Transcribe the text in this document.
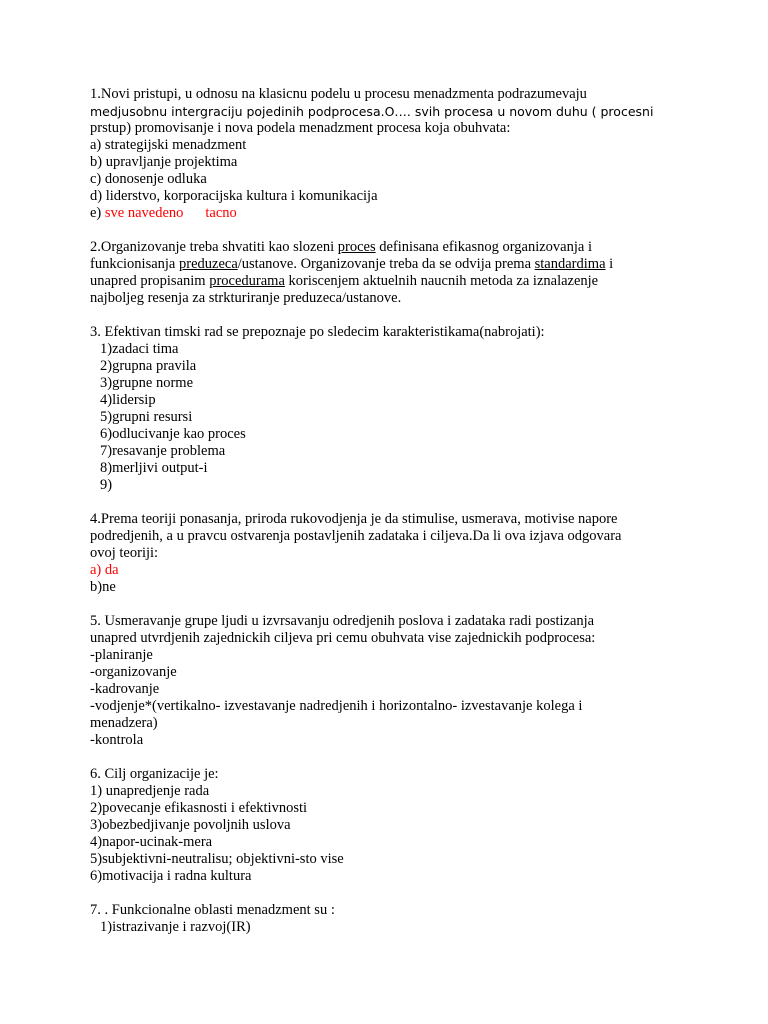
1.Novi pristupi, u odnosu na klasicnu podelu u procesu menadzmenta podrazumevaju
medjusobnu intergraciju pojedinih podprocesa.O…. svih procesa u novom duhu ( procesni
prstup) promovisanje i nova podela menadzment procesa koja obuhvata:
a) strategijski menadzment
b) upravljanje projektima
c) donosenje odluka
d) liderstvo, korporacijska kultura i komunikacija
e) sve navedeno tacno
2.Organizovanje treba shvatiti kao slozeni proces definisana efikasnog organizovanja i
funkcionisanja preduzeca/ustanove. Organizovanje treba da se odvija prema standardima i
unapred propisanim procedurama koriscenjem aktuelnih naucnih metoda za iznalazenje
najboljeg resenja za strkturiranje preduzeca/ustanove.
3. Efektivan timski rad se prepoznaje po sledecim karakteristikama(nabrojati):
1)zadaci tima
2)grupna pravila
3)grupne norme
4)lidersip
5)grupni resursi
6)odlucivanje kao proces
7)resavanje problema
8)merljivi output-i
9)
4.Prema teoriji ponasanja, priroda rukovodjenja je da stimulise, usmerava, motivise napore
podredjenih, a u pravcu ostvarenja postavljenih zadataka i ciljeva.Da li ova izjava odgovara
ovoj teoriji:
a) da
b)ne
5. Usmeravanje grupe ljudi u izvrsavanju odredjenih poslova i zadataka radi postizanja
unapred utvrdjenih zajednickih ciljeva pri cemu obuhvata vise zajednickih podprocesa:
-planiranje
-organizovanje
-kadrovanje
-vodjenje*(vertikalno- izvestavanje nadredjenih i horizontalno- izvestavanje kolega i
menadzera)
-kontrola
6. Cilj organizacije je:
1) unapredjenje rada
2)povecanje efikasnosti i efektivnosti
3)obezbedjivanje povoljnih uslova
4)napor-ucinak-mera
5)subjektivni-neutralisu; objektivni-sto vise
6)motivacija i radna kultura
7. . Funkcionalne oblasti menadzment su :
1)istrazivanje i razvoj(IR)
